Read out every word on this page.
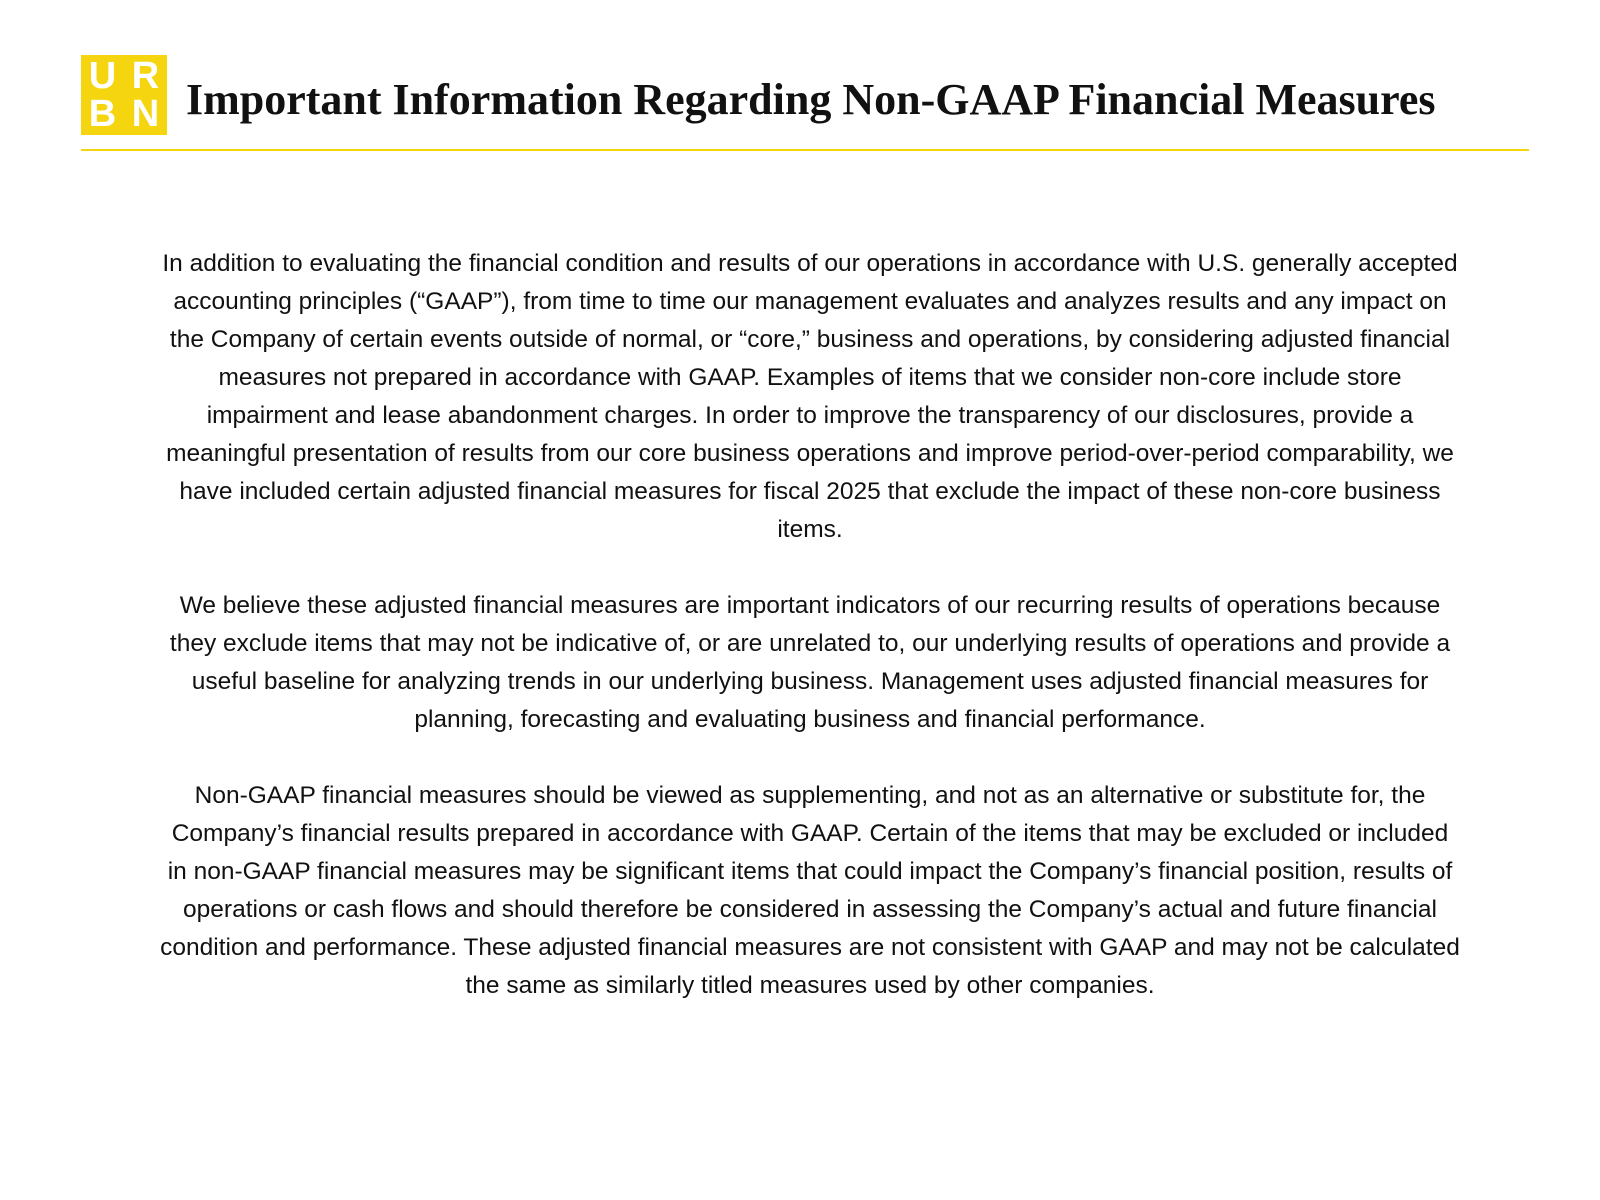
U R
B N Important Information Regarding Non-GAAP Financial Measures

In addition to evaluating the financial condition and results of our operations in accordance with U.S. generally accepted accounting principles (“GAAP”), from time to time our management evaluates and analyzes results and any impact on the Company of certain events outside of normal, or “core,” business and operations, by considering adjusted financial measures not prepared in accordance with GAAP. Examples of items that we consider non-core include store impairment and lease abandonment charges. In order to improve the transparency of our disclosures, provide a meaningful presentation of results from our core business operations and improve period-over-period comparability, we have included certain adjusted financial measures for fiscal 2025 that exclude the impact of these non-core business items.

We believe these adjusted financial measures are important indicators of our recurring results of operations because they exclude items that may not be indicative of, or are unrelated to, our underlying results of operations and provide a useful baseline for analyzing trends in our underlying business. Management uses adjusted financial measures for planning, forecasting and evaluating business and financial performance.

Non-GAAP financial measures should be viewed as supplementing, and not as an alternative or substitute for, the Company’s financial results prepared in accordance with GAAP. Certain of the items that may be excluded or included in non-GAAP financial measures may be significant items that could impact the Company’s financial position, results of operations or cash flows and should therefore be considered in assessing the Company’s actual and future financial condition and performance. These adjusted financial measures are not consistent with GAAP and may not be calculated the same as similarly titled measures used by other companies.
